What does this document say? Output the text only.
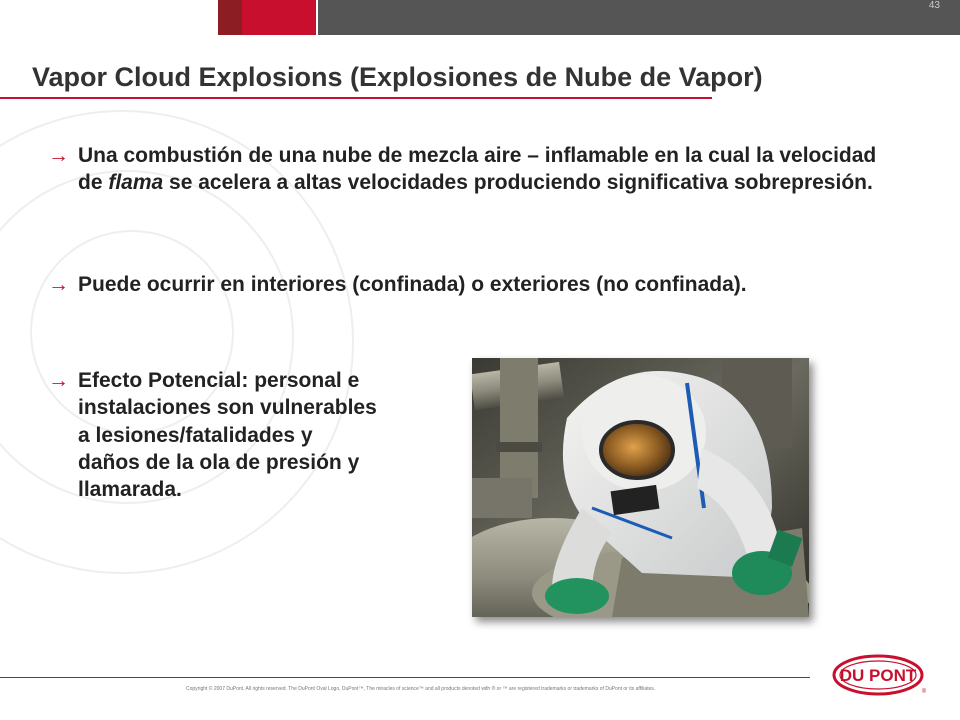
43
Vapor Cloud Explosions (Explosiones de Nube de Vapor)

→ Una combustión de una nube de mezcla aire – inflamable en la cual la velocidad de flama se acelera a altas velocidades produciendo significativa sobrepresión.

→ Puede ocurrir en interiores (confinada) o exteriores (no confinada).

→ Efecto Potencial: personal e instalaciones son vulnerables a lesiones/fatalidades y daños de la ola de presión y llamarada.

Copyright © 2007 DuPont. All rights reserved. The DuPont Oval Logo, DuPont™, The miracles of science™ and all products denoted with ® or ™ are registered trademarks or trademarks of DuPont or its affiliates.
DU PONT
®
